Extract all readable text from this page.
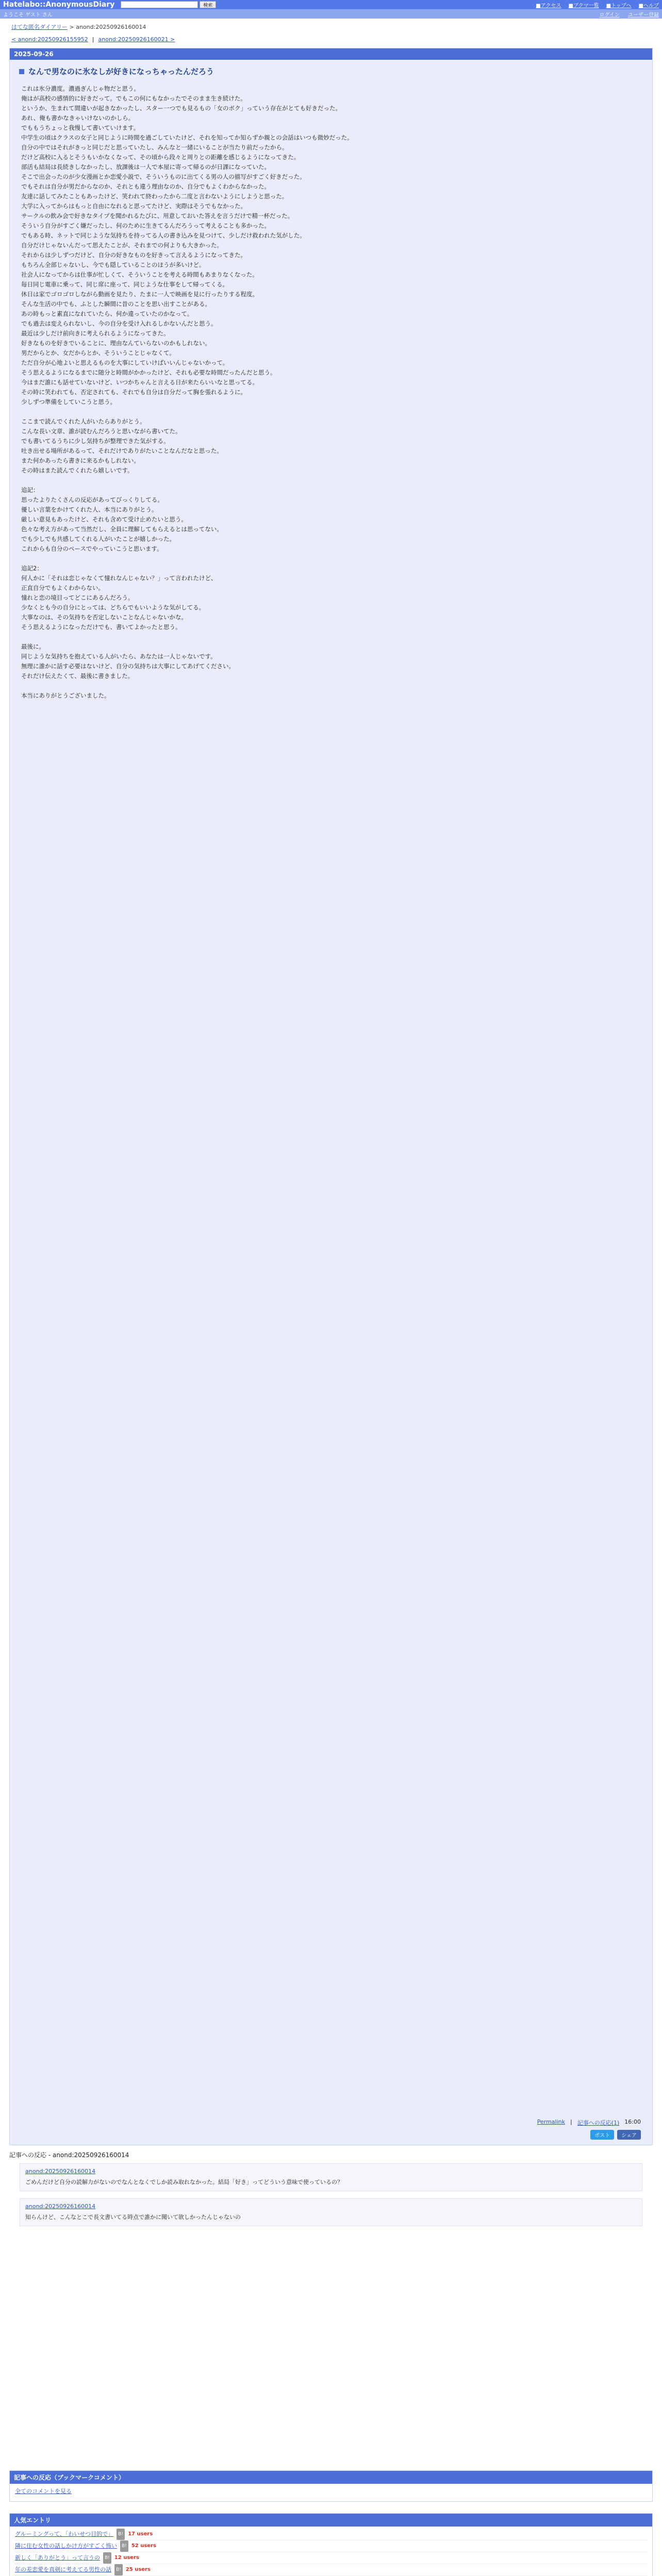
Hatelabo::AnonymousDiary	検索	■アクセス ■ブクマ一覧 ■トップへ ■ヘルプ
ようこそ ゲスト さん	ログイン ユーザー登録
はてな匿名ダイアリー > anond:20250926160014
< anond:20250926155952 | anond:20250926160021 >
2025-09-26
なんで男なのに氷なしが好きになっちゃったんだろう
これは氷分濃度。濃過ぎんじゃ物だと思う。
俺はが高校の感情的に好きだって。でもこの何にもなかったでそのまま生き続けた。
というか、生まれて間違いが起きなかったし、スター一つでも見るもの「女のボク」っていう存在がとても好きだった。
あれ、俺も書かなきゃいけないのかしら。
でももうちょっと我慢して書いていけます。
中学生の頃はクラスの女子と同じように時間を過ごしていたけど、それを知ってか知らずか親との会話はいつも微妙だった。
自分の中ではそれがきっと同じだと思っていたし、みんなと一緒にいることが当たり前だったから。
だけど高校に入るとそうもいかなくなって、その頃から段々と周りとの距離を感じるようになってきた。
部活も結局は長続きしなかったし、放課後は一人で本屋に寄って帰るのが日課になっていた。
そこで出会ったのが少女漫画とか恋愛小説で、そういうものに出てくる男の人の描写がすごく好きだった。
でもそれは自分が男だからなのか、それとも違う理由なのか、自分でもよくわからなかった。
友達に話してみたこともあったけど、笑われて終わったから二度と言わないようにしようと思った。
大学に入ってからはもっと自由になれると思ってたけど、実際はそうでもなかった。
サークルの飲み会で好きなタイプを聞かれるたびに、用意しておいた答えを言うだけで精一杯だった。
そういう自分がすごく嫌だったし、何のために生きてるんだろうって考えることも多かった。
でもある時、ネットで同じような気持ちを持ってる人の書き込みを見つけて、少しだけ救われた気がした。
自分だけじゃないんだって思えたことが、それまでの何よりも大きかった。
それからは少しずつだけど、自分の好きなものを好きって言えるようになってきた。
もちろん全部じゃないし、今でも隠していることのほうが多いけど。
社会人になってからは仕事が忙しくて、そういうことを考える時間もあまりなくなった。
毎日同じ電車に乗って、同じ席に座って、同じような仕事をして帰ってくる。
休日は家でゴロゴロしながら動画を見たり、たまに一人で映画を見に行ったりする程度。
そんな生活の中でも、ふとした瞬間に昔のことを思い出すことがある。
あの時もっと素直になれていたら、何か違っていたのかなって。
でも過去は変えられないし、今の自分を受け入れるしかないんだと思う。
最近は少しだけ前向きに考えられるようになってきた。
好きなものを好きでいることに、理由なんていらないのかもしれない。
男だからとか、女だからとか、そういうことじゃなくて。
ただ自分が心地よいと思えるものを大事にしていけばいいんじゃないかって。
そう思えるようになるまでに随分と時間がかかったけど、それも必要な時間だったんだと思う。
今はまだ誰にも話せていないけど、いつかちゃんと言える日が来たらいいなと思ってる。
その時に笑われても、否定されても、それでも自分は自分だって胸を張れるように。
少しずつ準備をしていこうと思う。
ここまで読んでくれた人がいたらありがとう。
こんな長い文章、誰が読むんだろうと思いながら書いてた。
でも書いてるうちに少し気持ちが整理できた気がする。
吐き出せる場所があるって、それだけでありがたいことなんだなと思った。
また何かあったら書きに来るかもしれない。
その時はまた読んでくれたら嬉しいです。
追記：
思ったよりたくさんの反応があってびっくりしてる。
優しい言葉をかけてくれた人、本当にありがとう。
厳しい意見もあったけど、それも含めて受け止めたいと思う。
色々な考え方があって当然だし、全員に理解してもらえるとは思ってない。
でも少しでも共感してくれる人がいたことが嬉しかった。
これからも自分のペースでやっていこうと思います。
追記2：
何人かに「それは恋じゃなくて憧れなんじゃない？」って言われたけど、
正直自分でもよくわからない。
憧れと恋の境目ってどこにあるんだろう。
少なくとも今の自分にとっては、どちらでもいいような気がしてる。
大事なのは、その気持ちを否定しないことなんじゃないかな。
そう思えるようになっただけでも、書いてよかったと思う。
最後に。
同じような気持ちを抱えている人がいたら、あなたは一人じゃないです。
無理に誰かに話す必要はないけど、自分の気持ちは大事にしてあげてください。
それだけ伝えたくて、最後に書きました。
本当にありがとうございました。
Permalink | 記事への反応(1) 16:00
ポスト	シェア
記事への反応 - anond:20250926160014
anond:20250926160014
ごめんだけど自分の読解力がないのでなんとなくでしか読み取れなかった。結局「好き」ってどういう意味で使っているの？
anond:20250926160014
知らんけど、こんなとこで長文書いてる時点で誰かに聞いて欲しかったんじゃないの
記事への反応（ブックマークコメント）
全てのコメントを見る
人気エントリ
グルーミングって、「わいせつ目的で」	B! 17 users
隣に住む女性の話しかけ方がすごく怖い	B! 52 users
新しく「ありがとう」って言うの	B! 12 users
年の差恋愛を真剣に考えてる男性の話	B! 25 users
